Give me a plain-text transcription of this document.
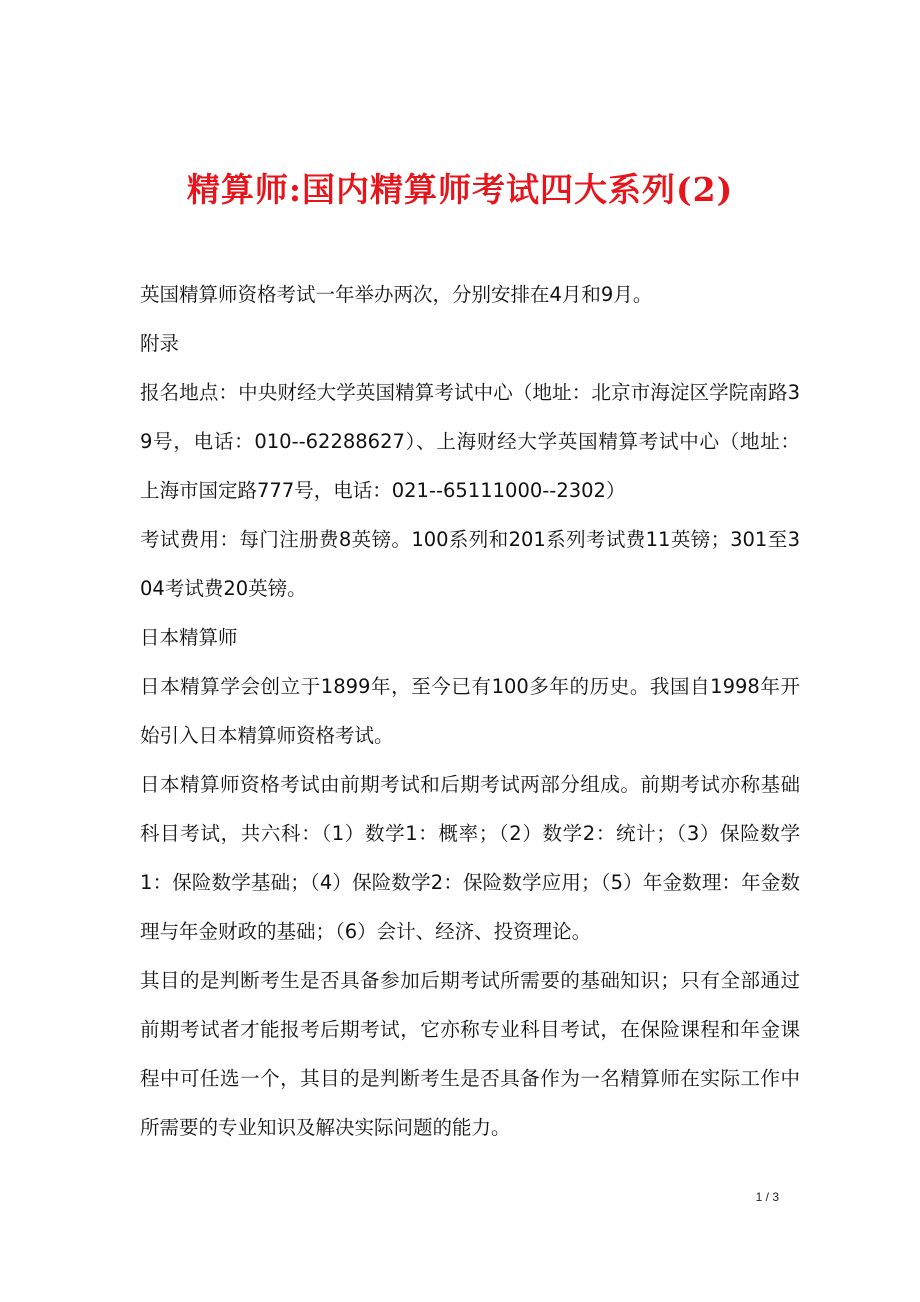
精算师:国内精算师考试四大系列(2)

英国精算师资格考试一年举办两次，分别安排在4月和9月。

附录

报名地点：中央财经大学英国精算考试中心（地址：北京市海淀区学院南路39号，电话：010--62288627）、上海财经大学英国精算考试中心（地址：上海市国定路777号，电话：021--65111000--2302）

考试费用：每门注册费8英镑。100系列和201系列考试费11英镑；301至304考试费20英镑。

日本精算师

日本精算学会创立于1899年，至今已有100多年的历史。我国自1998年开始引入日本精算师资格考试。

日本精算师资格考试由前期考试和后期考试两部分组成。前期考试亦称基础科目考试，共六科：（1）数学1：概率；（2）数学2：统计；（3）保险数学1：保险数学基础；（4）保险数学2：保险数学应用；（5）年金数理：年金数理与年金财政的基础；（6）会计、经济、投资理论。

其目的是判断考生是否具备参加后期考试所需要的基础知识；只有全部通过前期考试者才能报考后期考试，它亦称专业科目考试，在保险课程和年金课程中可任选一个，其目的是判断考生是否具备作为一名精算师在实际工作中所需要的专业知识及解决实际问题的能力。

1 / 3
